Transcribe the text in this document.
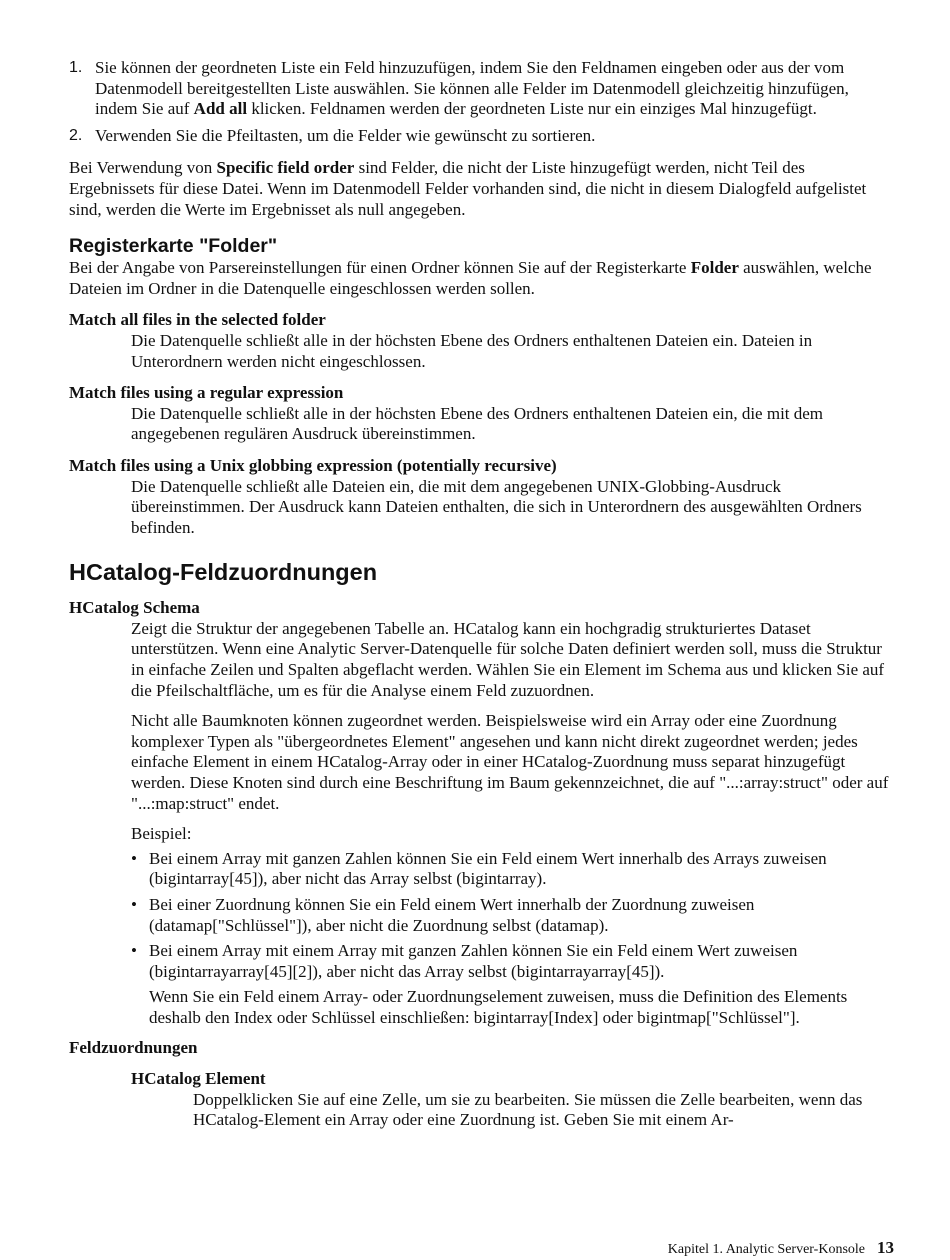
1. Sie können der geordneten Liste ein Feld hinzuzufügen, indem Sie den Feldnamen eingeben oder aus der vom Datenmodell bereitgestellten Liste auswählen. Sie können alle Felder im Datenmodell gleichzeitig hinzufügen, indem Sie auf Add all klicken. Feldnamen werden der geordneten Liste nur ein einziges Mal hinzugefügt.
2. Verwenden Sie die Pfeiltasten, um die Felder wie gewünscht zu sortieren.

Bei Verwendung von Specific field order sind Felder, die nicht der Liste hinzugefügt werden, nicht Teil des Ergebnissets für diese Datei. Wenn im Datenmodell Felder vorhanden sind, die nicht in diesem Dialogfeld aufgelistet sind, werden die Werte im Ergebnisset als null angegeben.

Registerkarte "Folder"

Bei der Angabe von Parsereinstellungen für einen Ordner können Sie auf der Registerkarte Folder auswählen, welche Dateien im Ordner in die Datenquelle eingeschlossen werden sollen.

Match all files in the selected folder
Die Datenquelle schließt alle in der höchsten Ebene des Ordners enthaltenen Dateien ein. Dateien in Unterordnern werden nicht eingeschlossen.
Match files using a regular expression
Die Datenquelle schließt alle in der höchsten Ebene des Ordners enthaltenen Dateien ein, die mit dem angegebenen regulären Ausdruck übereinstimmen.
Match files using a Unix globbing expression (potentially recursive)
Die Datenquelle schließt alle Dateien ein, die mit dem angegebenen UNIX-Globbing-Ausdruck übereinstimmen. Der Ausdruck kann Dateien enthalten, die sich in Unterordnern des ausgewählten Ordners befinden.
HCatalog-Feldzuordnungen
HCatalog Schema
Zeigt die Struktur der angegebenen Tabelle an. HCatalog kann ein hochgradig strukturiertes Dataset unterstützen. Wenn eine Analytic Server-Datenquelle für solche Daten definiert werden soll, muss die Struktur in einfache Zeilen und Spalten abgeflacht werden. Wählen Sie ein Element im Schema aus und klicken Sie auf die Pfeilschaltfläche, um es für die Analyse einem Feld zuzuordnen.
Nicht alle Baumknoten können zugeordnet werden. Beispielsweise wird ein Array oder eine Zuordnung komplexer Typen als "übergeordnetes Element" angesehen und kann nicht direkt zugeordnet werden; jedes einfache Element in einem HCatalog-Array oder in einer HCatalog-Zuordnung muss separat hinzugefügt werden. Diese Knoten sind durch eine Beschriftung im Baum gekennzeichnet, die auf "...:array:struct" oder auf "...:map:struct" endet.
Beispiel:
• Bei einem Array mit ganzen Zahlen können Sie ein Feld einem Wert innerhalb des Arrays zuweisen (bigintarray[45]), aber nicht das Array selbst (bigintarray).
• Bei einer Zuordnung können Sie ein Feld einem Wert innerhalb der Zuordnung zuweisen (datamap["Schlüssel"]), aber nicht die Zuordnung selbst (datamap).
• Bei einem Array mit einem Array mit ganzen Zahlen können Sie ein Feld einem Wert zuweisen (bigintarrayarray[45][2]), aber nicht das Array selbst (bigintarrayarray[45]).
Wenn Sie ein Feld einem Array- oder Zuordnungselement zuweisen, muss die Definition des Elements deshalb den Index oder Schlüssel einschließen: bigintarray[Index] oder bigintmap["Schlüssel"].
Feldzuordnungen
HCatalog Element
Doppelklicken Sie auf eine Zelle, um sie zu bearbeiten. Sie müssen die Zelle bearbeiten, wenn das HCatalog-Element ein Array oder eine Zuordnung ist. Geben Sie mit einem Ar-
Kapitel 1. Analytic Server-Konsole 13
